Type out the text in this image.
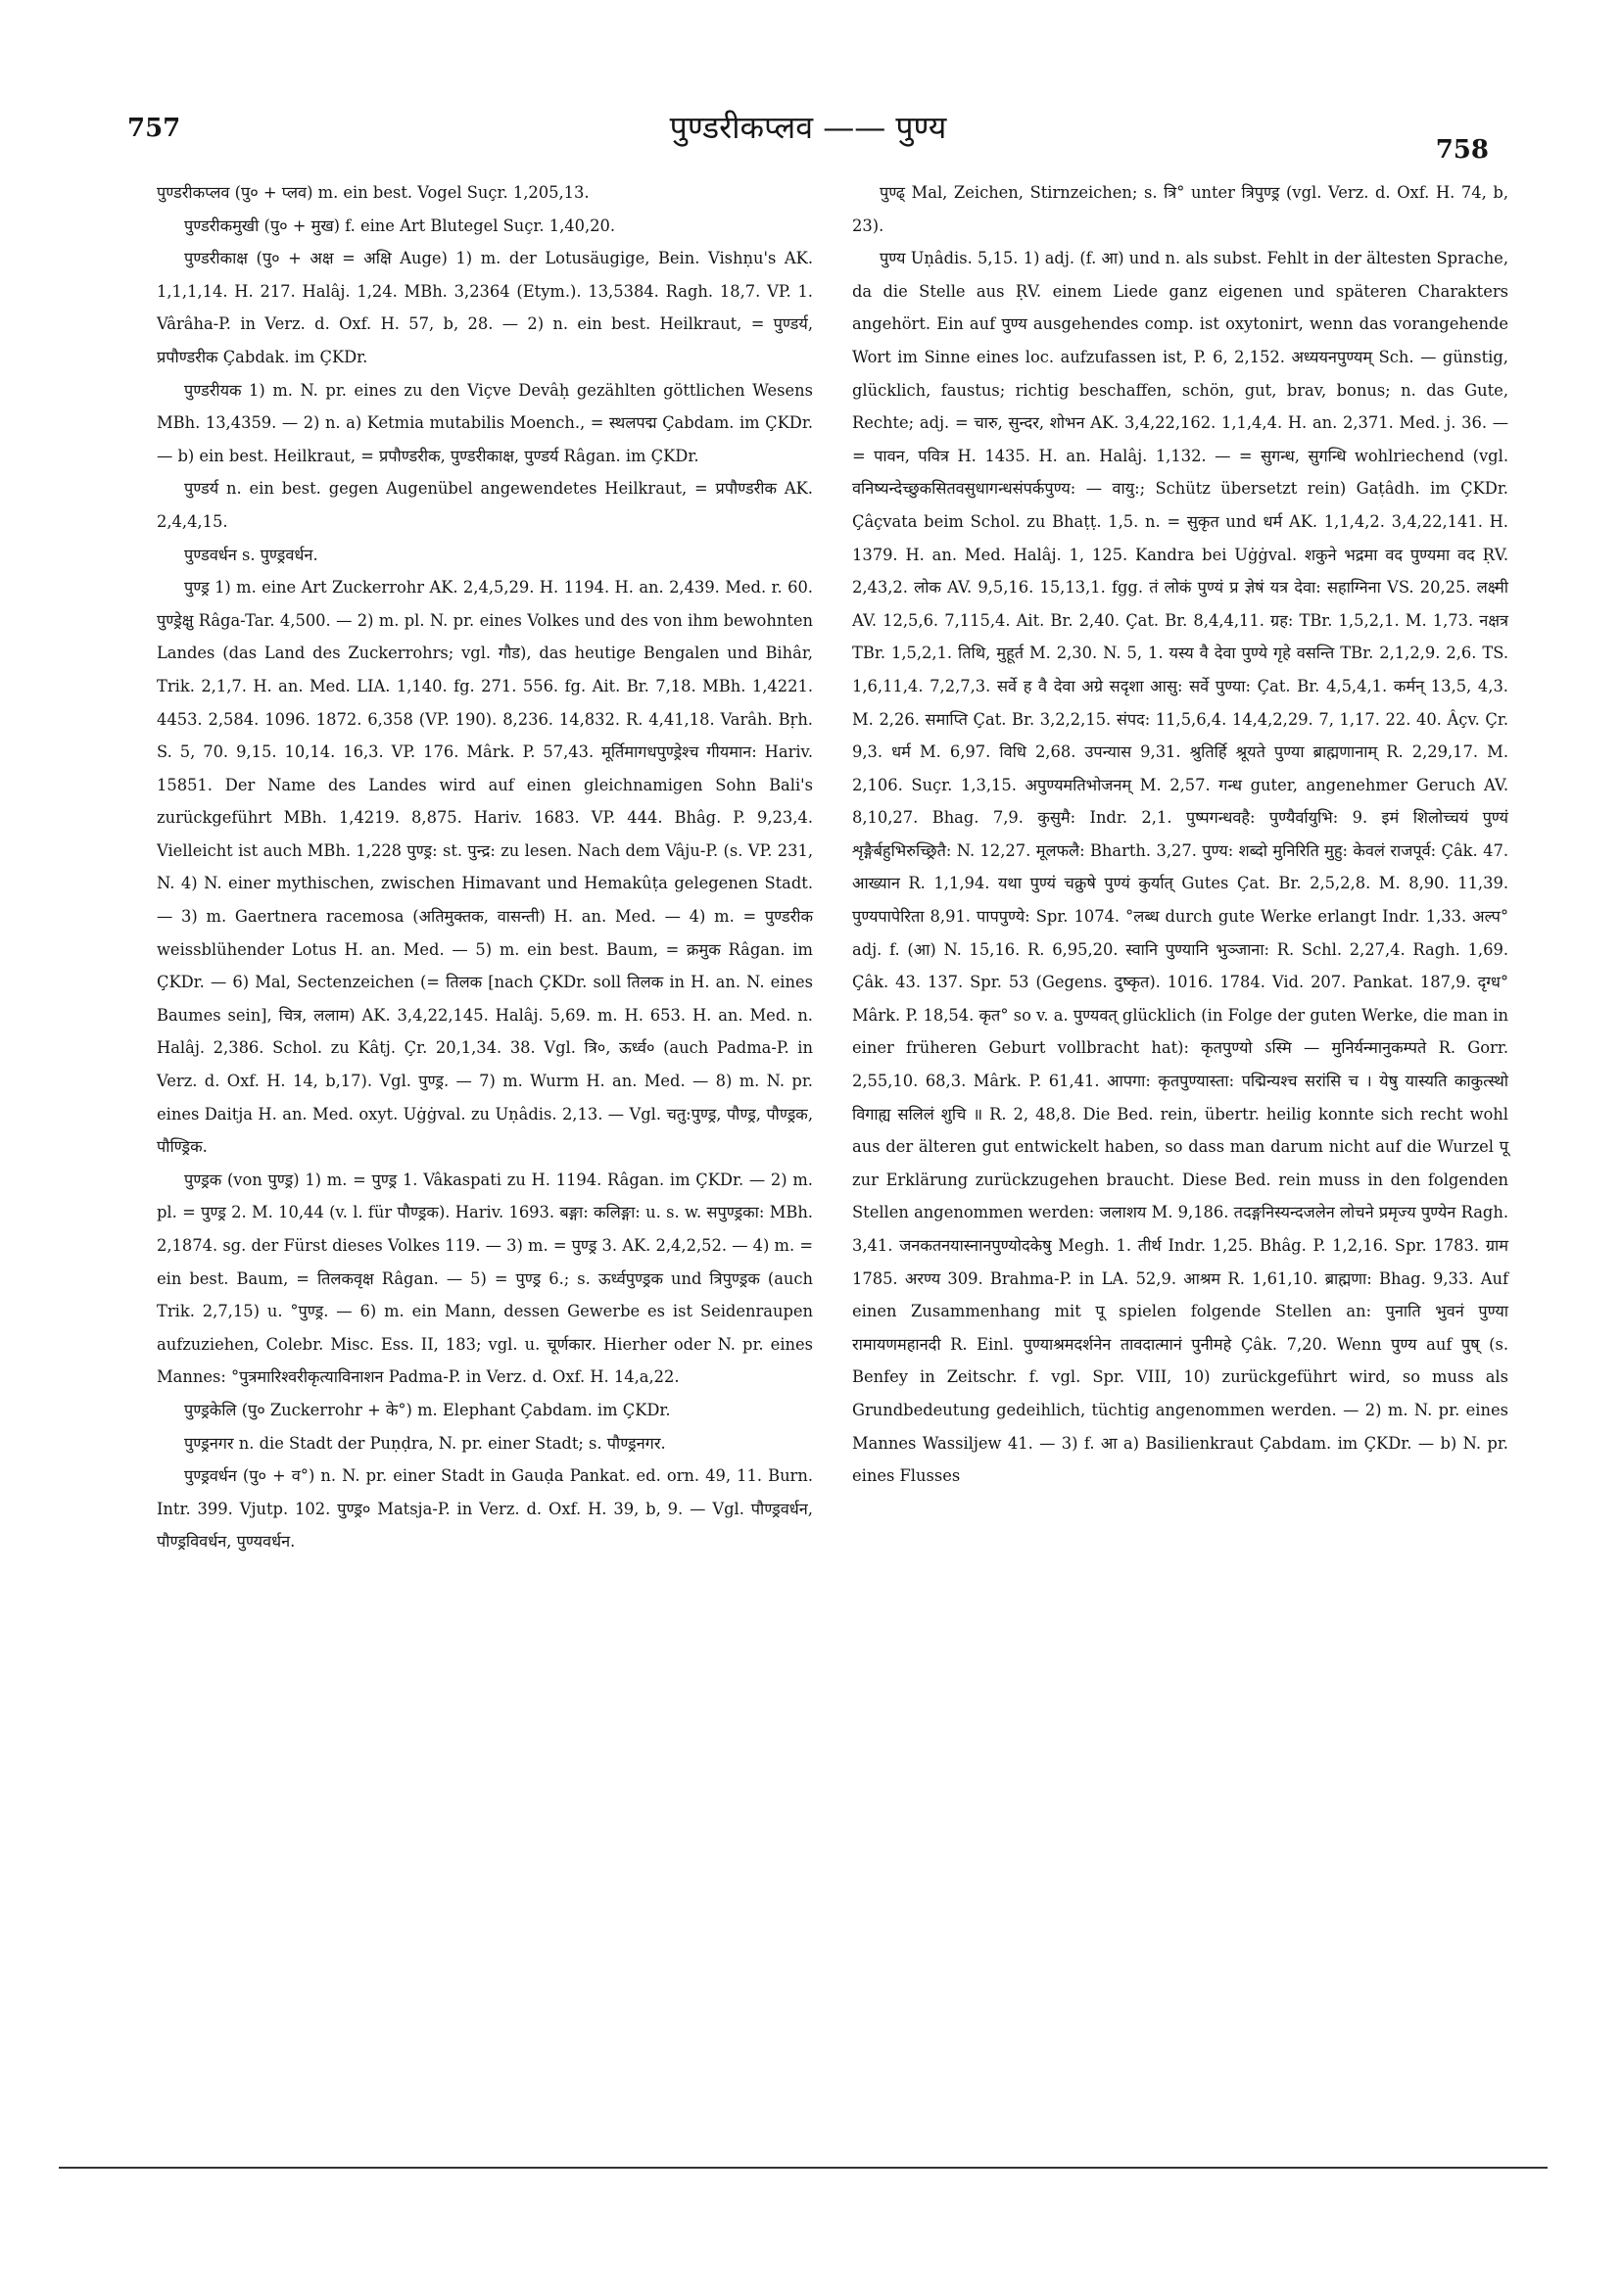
757	पुण्डरीकप्लव —— पुण्य
758

पुण्डरीकप्लव (पु० + प्लव) m. ein best. Vogel Suçr. 1,205,13.

पुण्डरीकमुखी (पु० + मुख) f. eine Art Blutegel Suçr. 1,40,20.

पुण्डरीकाक्ष (पु० + अक्ष = अक्षि Auge) 1) m. der Lotusäugige, Bein. Vishṇu's AK. 1,1,1,14. H. 217. Halâj. 1,24. MBh. 3,2364 (Etym.). 13,5384. Ragh. 18,7. VP. 1. Vârâha-P. in Verz. d. Oxf. H. 57, b, 28. — 2) n. ein best. Heilkraut, = पुण्डर्य, प्रपौण्डरीक Çabdak. im ÇKDr.

पुण्डरीयक 1) m. N. pr. eines zu den Viçve Devâḥ gezählten göttlichen Wesens MBh. 13,4359. — 2) n. a) Ketmia mutabilis Moench., = स्थलपद्म Çabdam. im ÇKDr. — b) ein best. Heilkraut, = प्रपौण्डरीक, पुण्डरीकाक्ष, पुण्डर्य Râgan. im ÇKDr.

पुण्डर्य n. ein best. gegen Augenübel angewendetes Heilkraut, = प्रपौण्डरीक AK. 2,4,4,15.

पुण्डवर्धन s. पुण्ड्रवर्धन.

पुण्ड्र 1) m. eine Art Zuckerrohr AK. 2,4,5,29. H. 1194. H. an. 2,439. Med. r. 60. पुण्ड्रेक्षु Râga-Tar. 4,500. — 2) m. pl. N. pr. eines Volkes und des von ihm bewohnten Landes (das Land des Zuckerrohrs; vgl. गौड), das heutige Bengalen und Bihâr, Trik. 2,1,7. H. an. Med. LIA. 1,140. fg. 271. 556. fg. Ait. Br. 7,18. MBh. 1,4221. 4453. 2,584. 1096. 1872. 6,358 (VP. 190). 8,236. 14,832. R. 4,41,18. Varâh. Bṛh. S. 5, 70. 9,15. 10,14. 16,3. VP. 176. Mârk. P. 57,43. मूर्तिमागधपुण्ड्रेश्च गीयमान: Hariv. 15851. Der Name des Landes wird auf einen gleichnamigen Sohn Bali's zurückgeführt MBh. 1,4219. 8,875. Hariv. 1683. VP. 444. Bhâg. P. 9,23,4. Vielleicht ist auch MBh. 1,228 पुण्ड्र: st. पुन्द्र: zu lesen. Nach dem Vâju-P. (s. VP. 231, N. 4) N. einer mythischen, zwischen Himavant und Hemakûṭa gelegenen Stadt. — 3) m. Gaertnera racemosa (अतिमुक्तक, वासन्ती) H. an. Med. — 4) m. = पुण्डरीक weissblühender Lotus H. an. Med. — 5) m. ein best. Baum, = क्रमुक Râgan. im ÇKDr. — 6) Mal, Sectenzeichen (= तिलक [nach ÇKDr. soll तिलक in H. an. N. eines Baumes sein], चित्र, ललाम) AK. 3,4,22,145. Halâj. 5,69. m. H. 653. H. an. Med. n. Halâj. 2,386. Schol. zu Kâtj. Çr. 20,1,34. 38. Vgl. त्रि०, ऊर्ध्व० (auch Padma-P. in Verz. d. Oxf. H. 14, b,17). Vgl. पुण्ड्र. — 7) m. Wurm H. an. Med. — 8) m. N. pr. eines Daitja H. an. Med. oxyt. Uġġval. zu Uṇâdis. 2,13. — Vgl. चतु:पुण्ड्र, पौण्ड्र, पौण्ड्रक, पौण्ड्रिक.

पुण्ड्रक (von पुण्ड्र) 1) m. = पुण्ड्र 1. Vâkaspati zu H. 1194. Râgan. im ÇKDr. — 2) m. pl. = पुण्ड्र 2. M. 10,44 (v. l. für पौण्ड्रक). Hariv. 1693. बङ्गा: कलिङ्गा: u. s. w. सपुण्ड्रका: MBh. 2,1874. sg. der Fürst dieses Volkes 119. — 3) m. = पुण्ड्र 3. AK. 2,4,2,52. — 4) m. = ein best. Baum, = तिलकवृक्ष Râgan. — 5) = पुण्ड्र 6.; s. ऊर्ध्वपुण्ड्रक und त्रिपुण्ड्रक (auch Trik. 2,7,15) u. °पुण्ड्र. — 6) m. ein Mann, dessen Gewerbe es ist Seidenraupen aufzuziehen, Colebr. Misc. Ess. II, 183; vgl. u. चूर्णकार. Hierher oder N. pr. eines Mannes: °पुत्रमारिश्वरीकृत्याविनाशन Padma-P. in Verz. d. Oxf. H. 14,a,22.

पुण्ड्रकेलि (पु० Zuckerrohr + के°) m. Elephant Çabdam. im ÇKDr.

पुण्ड्रनगर n. die Stadt der Puṇḍra, N. pr. einer Stadt; s. पौण्ड्रनगर.

पुण्ड्रवर्धन (पु० + व°) n. N. pr. einer Stadt in Gauḍa Pankat. ed. orn. 49, 11. Burn. Intr. 399. Vjutp. 102. पुण्ड्र० Matsja-P. in Verz. d. Oxf. H. 39, b, 9. — Vgl. पौण्ड्रवर्धन, पौण्ड्रविवर्धन, पुण्यवर्धन.

पुण्ढ् Mal, Zeichen, Stirnzeichen; s. त्रि° unter त्रिपुण्ड्र (vgl. Verz. d. Oxf. H. 74, b, 23).

पुण्य Uṇâdis. 5,15. 1) adj. (f. आ) und n. als subst. Fehlt in der ältesten Sprache, da die Stelle aus ṚV. einem Liede ganz eigenen und späteren Charakters angehört. Ein auf पुण्य ausgehendes comp. ist oxytonirt, wenn das vorangehende Wort im Sinne eines loc. aufzufassen ist, P. 6, 2,152. अध्ययनपुण्यम् Sch. — günstig, glücklich, faustus; richtig beschaffen, schön, gut, brav, bonus; n. das Gute, Rechte; adj. = चारु, सुन्दर, शोभन AK. 3,4,22,162. 1,1,4,4. H. an. 2,371. Med. j. 36. — = पावन, पवित्र H. 1435. H. an. Halâj. 1,132. — = सुगन्ध, सुगन्धि wohlriechend (vgl. वनिष्यन्देच्छुकसितवसुधागन्धसंपर्कपुण्य: — वायु:; Schütz übersetzt rein) Gaṭâdh. im ÇKDr. Çâçvata beim Schol. zu Bhaṭṭ. 1,5. n. = सुकृत und धर्म AK. 1,1,4,2. 3,4,22,141. H. 1379. H. an. Med. Halâj. 1, 125. Kandra bei Uġġval. शकुने भद्रमा वद पुण्यमा वद ṚV. 2,43,2. लोक AV. 9,5,16. 15,13,1. fgg. तं लोकं पुण्यं प्र ज्ञेषं यत्र देवा: सहाग्निना VS. 20,25. लक्ष्मी AV. 12,5,6. 7,115,4. Ait. Br. 2,40. Çat. Br. 8,4,4,11. ग्रह: TBr. 1,5,2,1. M. 1,73. नक्षत्र TBr. 1,5,2,1. तिथि, मुहूर्त M. 2,30. N. 5, 1. यस्य वै देवा पुण्ये गृहे वसन्ति TBr. 2,1,2,9. 2,6. TS. 1,6,11,4. 7,2,7,3. सर्वे ह वै देवा अग्रे सदृशा आसु: सर्वे पुण्या: Çat. Br. 4,5,4,1. कर्मन् 13,5, 4,3. M. 2,26. समाप्ति Çat. Br. 3,2,2,15. संपद: 11,5,6,4. 14,4,2,29. 7, 1,17. 22. 40. Âçv. Çr. 9,3. धर्म M. 6,97. विधि 2,68. उपन्यास 9,31. श्रुतिर्हि श्रूयते पुण्या ब्राह्मणानाम् R. 2,29,17. M. 2,106. Suçr. 1,3,15. अपुण्यमतिभोजनम् M. 2,57. गन्ध guter, angenehmer Geruch AV. 8,10,27. Bhag. 7,9. कुसुमै: Indr. 2,1. पुष्पगन्धवहै: पुण्यैर्वायुभि: 9. इमं शिलोच्चयं पुण्यं शृङ्गैर्बहुभिरुच्छ्रितै: N. 12,27. मूलफलै: Bharth. 3,27. पुण्य: शब्दो मुनिरिति मुहु: केवलं राजपूर्व: Çâk. 47. आख्यान R. 1,1,94. यथा पुण्यं चक्रुषे पुण्यं कुर्यात् Gutes Çat. Br. 2,5,2,8. M. 8,90. 11,39. पुण्यपापेरिता 8,91. पापपुण्ये: Spr. 1074. °लब्ध durch gute Werke erlangt Indr. 1,33. अल्प° adj. f. (आ) N. 15,16. R. 6,95,20. स्वानि पुण्यानि भुञ्जाना: R. Schl. 2,27,4. Ragh. 1,69. Çâk. 43. 137. Spr. 53 (Gegens. दुष्कृत). 1016. 1784. Vid. 207. Pankat. 187,9. दृग्ध° Mârk. P. 18,54. कृत° so v. a. पुण्यवत् glücklich (in Folge der guten Werke, die man in einer früheren Geburt vollbracht hat): कृतपुण्यो ऽस्मि — मुनिर्यन्मानुकम्पते R. Gorr. 2,55,10. 68,3. Mârk. P. 61,41. आपगा: कृतपुण्यास्ता: पद्मिन्यश्च सरांसि च । येषु यास्यति काकुत्स्थो विगाह्य सलिलं शुचि ॥ R. 2, 48,8. Die Bed. rein, übertr. heilig konnte sich recht wohl aus der älteren gut entwickelt haben, so dass man darum nicht auf die Wurzel पू zur Erklärung zurückzugehen braucht. Diese Bed. rein muss in den folgenden Stellen angenommen werden: जलाशय M. 9,186. तदङ्गनिस्यन्दजलेन लोचने प्रमृज्य पुण्येन Ragh. 3,41. जनकतनयास्नानपुण्योदकेषु Megh. 1. तीर्थ Indr. 1,25. Bhâg. P. 1,2,16. Spr. 1783. ग्राम 1785. अरण्य 309. Brahma-P. in LA. 52,9. आश्रम R. 1,61,10. ब्राह्मणा: Bhag. 9,33. Auf einen Zusammenhang mit पू spielen folgende Stellen an: पुनाति भुवनं पुण्या रामायणमहानदी R. Einl. पुण्याश्रमदर्शनेन तावदात्मानं पुनीमहे Çâk. 7,20. Wenn पुण्य auf पुष् (s. Benfey in Zeitschr. f. vgl. Spr. VIII, 10) zurückgeführt wird, so muss als Grundbedeutung gedeihlich, tüchtig angenommen werden. — 2) m. N. pr. eines Mannes Wassiljew 41. — 3) f. आ a) Basilienkraut Çabdam. im ÇKDr. — b) N. pr. eines Flusses
